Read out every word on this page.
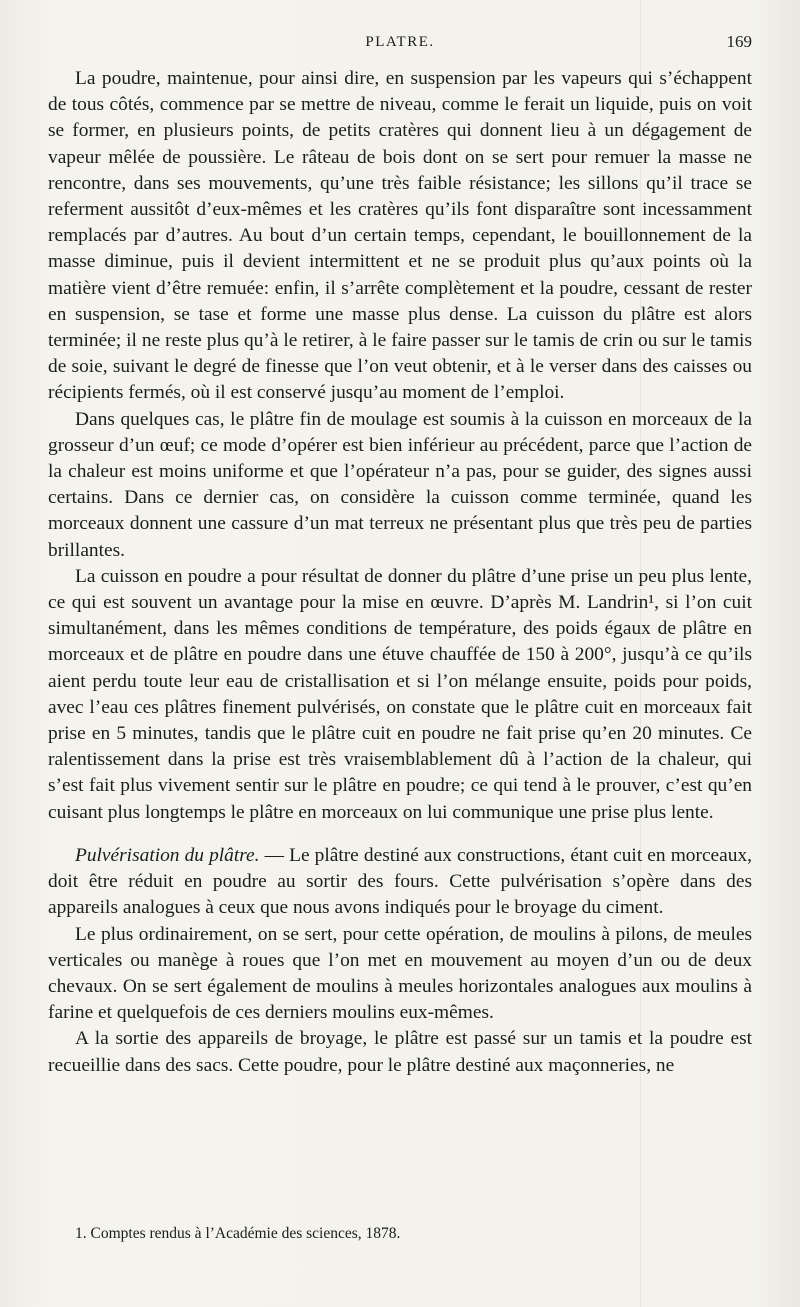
PLATRE.	169

La poudre, maintenue, pour ainsi dire, en suspension par les vapeurs qui s’échappent de tous côtés, commence par se mettre de niveau, comme le ferait un liquide, puis on voit se former, en plusieurs points, de petits cratères qui donnent lieu à un dégagement de vapeur mêlée de poussière. Le râteau de bois dont on se sert pour remuer la masse ne rencontre, dans ses mouvements, qu’une très faible résistance; les sillons qu’il trace se referment aussitôt d’eux-mêmes et les cratères qu’ils font disparaître sont incessamment remplacés par d’autres. Au bout d’un certain temps, cependant, le bouillonnement de la masse diminue, puis il devient intermittent et ne se produit plus qu’aux points où la matière vient d’être remuée: enfin, il s’arrête complètement et la poudre, cessant de rester en suspension, se tase et forme une masse plus dense. La cuisson du plâtre est alors terminée; il ne reste plus qu’à le retirer, à le faire passer sur le tamis de crin ou sur le tamis de soie, suivant le degré de finesse que l’on veut obtenir, et à le verser dans des caisses ou récipients fermés, où il est conservé jusqu’au moment de l’emploi.

Dans quelques cas, le plâtre fin de moulage est soumis à la cuisson en morceaux de la grosseur d’un œuf; ce mode d’opérer est bien inférieur au précédent, parce que l’action de la chaleur est moins uniforme et que l’opérateur n’a pas, pour se guider, des signes aussi certains. Dans ce dernier cas, on considère la cuisson comme terminée, quand les morceaux donnent une cassure d’un mat terreux ne présentant plus que très peu de parties brillantes.

La cuisson en poudre a pour résultat de donner du plâtre d’une prise un peu plus lente, ce qui est souvent un avantage pour la mise en œuvre. D’après M. Landrin¹, si l’on cuit simultanément, dans les mêmes conditions de température, des poids égaux de plâtre en morceaux et de plâtre en poudre dans une étuve chauffée de 150 à 200°, jusqu’à ce qu’ils aient perdu toute leur eau de cristallisation et si l’on mélange ensuite, poids pour poids, avec l’eau ces plâtres finement pulvérisés, on constate que le plâtre cuit en morceaux fait prise en 5 minutes, tandis que le plâtre cuit en poudre ne fait prise qu’en 20 minutes. Ce ralentissement dans la prise est très vraisemblablement dû à l’action de la chaleur, qui s’est fait plus vivement sentir sur le plâtre en poudre; ce qui tend à le prouver, c’est qu’en cuisant plus longtemps le plâtre en morceaux on lui communique une prise plus lente.

Pulvérisation du plâtre. — Le plâtre destiné aux constructions, étant cuit en morceaux, doit être réduit en poudre au sortir des fours. Cette pulvérisation s’opère dans des appareils analogues à ceux que nous avons indiqués pour le broyage du ciment.

Le plus ordinairement, on se sert, pour cette opération, de moulins à pilons, de meules verticales ou manège à roues que l’on met en mouvement au moyen d’un ou de deux chevaux. On se sert également de moulins à meules horizontales analogues aux moulins à farine et quelquefois de ces derniers moulins eux-mêmes.

A la sortie des appareils de broyage, le plâtre est passé sur un tamis et la poudre est recueillie dans des sacs. Cette poudre, pour le plâtre destiné aux maçonneries, ne

1. Comptes rendus à l’Académie des sciences, 1878.
